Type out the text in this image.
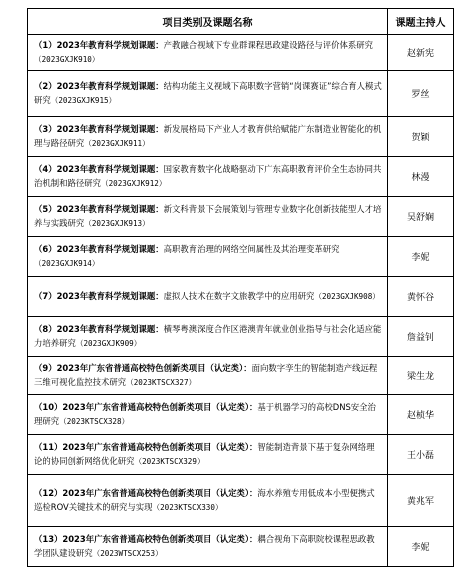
项目类别及课题名称	课题主持人
（1）2023年教育科学规划课题：产教融合视域下专业群课程思政建设路径与评价体系研究（2023GXJK910）	赵新宪
（2）2023年教育科学规划课题：结构功能主义视域下高职数字营销“岗课赛证”综合育人模式研究（2023GXJK915）	罗丝
（3）2023年教育科学规划课题：新发展格局下产业人才教育供给赋能广东制造业智能化的机理与路径研究（2023GXJK911）	贺颖
（4）2023年教育科学规划课题：国家教育数字化战略驱动下广东高职教育评价全生态协同共治机制和路径研究（2023GXJK912）	林漫
（5）2023年教育科学规划课题：新文科背景下会展策划与管理专业数字化创新技能型人才培养与实践研究（2023GXJK913）	吴舒娴
（6）2023年教育科学规划课题：高职教育治理的网络空间属性及其治理变革研究（2023GXJK914）	李妮
（7）2023年教育科学规划课题：虚拟人技术在数字文旅教学中的应用研究（2023GXJK908）	黄怀谷
（8）2023年教育科学规划课题：横琴粤澳深度合作区港澳青年就业创业指导与社会化适应能力培养研究（2023GXJK909）	詹益钊
（9）2023年广东省普通高校特色创新类项目（认定类）：面向数字孪生的智能制造产线远程三维可视化监控技术研究（2023KTSCX327）	梁生龙
（10）2023年广东省普通高校特色创新类项目（认定类）：基于机器学习的高校DNS安全治理研究（2023KTSCX328）	赵桢华
（11）2023年广东省普通高校特色创新类项目（认定类）：智能制造背景下基于复杂网络理论的协同创新网络优化研究（2023KTSCX329）	王小磊
（12）2023年广东省普通高校特色创新类项目（认定类）：海水养殖专用低成本小型便携式巡检ROV关键技术的研究与实现（2023KTSCX330）	黄兆军
（13）2023年广东省普通高校特色创新类项目（认定类）：耦合视角下高职院校课程思政教学团队建设研究（2023WTSCX253）	李妮
